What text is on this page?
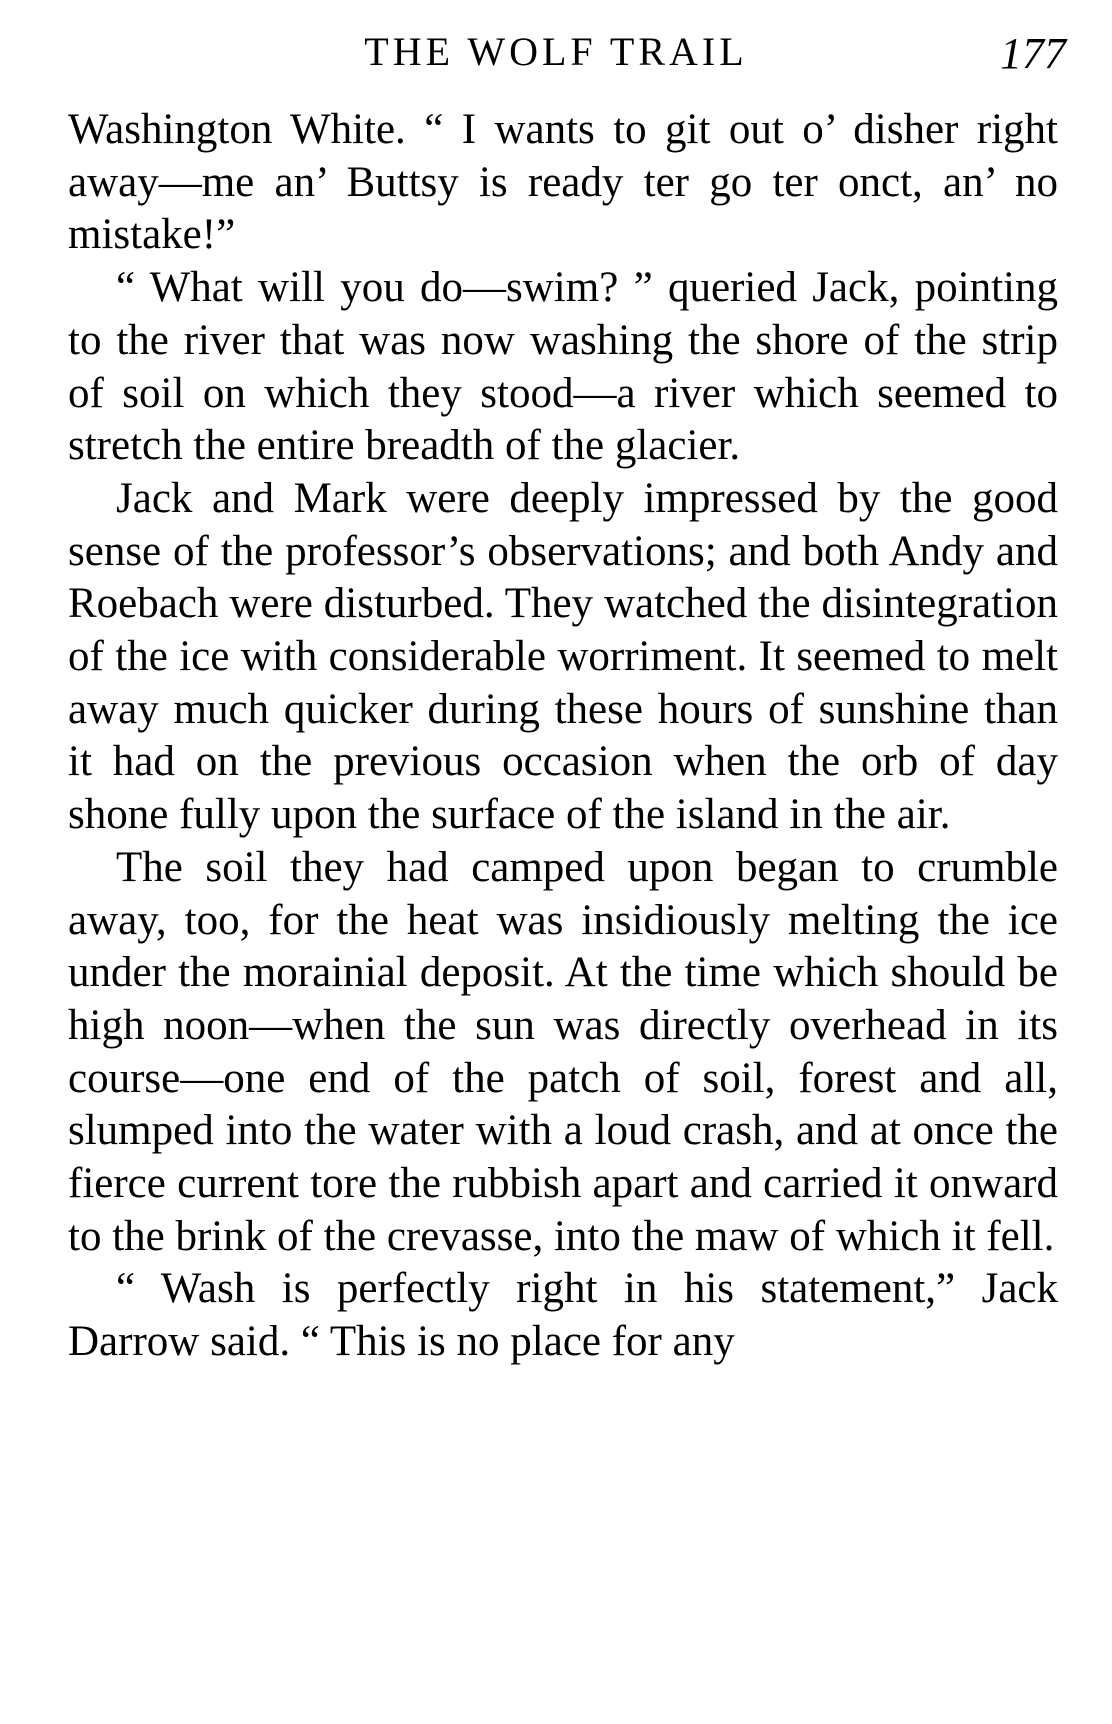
THE WOLF TRAIL	177

Washington White. “ I wants to git out o’ disher right away—me an’ Buttsy is ready ter go ter onct, an’ no mistake!”

“ What will you do—swim? ” queried Jack, pointing to the river that was now washing the shore of the strip of soil on which they stood—a river which seemed to stretch the entire breadth of the glacier.

Jack and Mark were deeply impressed by the good sense of the professor’s observations; and both Andy and Roebach were disturbed. They watched the disintegration of the ice with considerable worriment. It seemed to melt away much quicker during these hours of sunshine than it had on the previous occasion when the orb of day shone fully upon the surface of the island in the air.

The soil they had camped upon began to crumble away, too, for the heat was insidiously melting the ice under the morainial deposit. At the time which should be high noon—when the sun was directly overhead in its course—one end of the patch of soil, forest and all, slumped into the water with a loud crash, and at once the fierce current tore the rubbish apart and carried it onward to the brink of the crevasse, into the maw of which it fell.

“ Wash is perfectly right in his statement,” Jack Darrow said. “ This is no place for any
